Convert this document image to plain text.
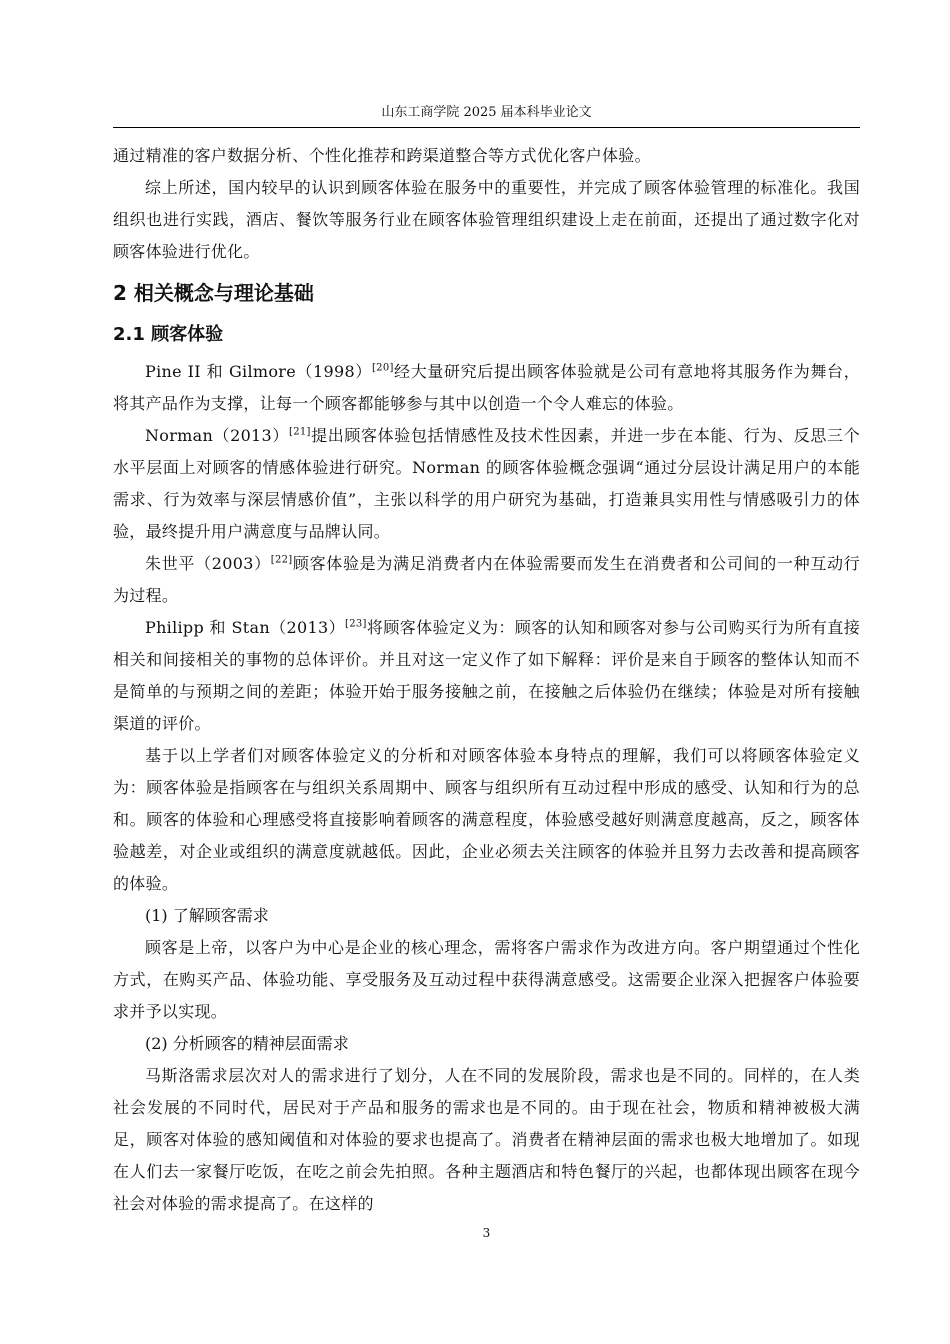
山东工商学院 2025 届本科毕业论文

通过精准的客户数据分析、个性化推荐和跨渠道整合等方式优化客户体验。

综上所述，国内较早的认识到顾客体验在服务中的重要性，并完成了顾客体验管理的标准化。我国组织也进行实践，酒店、餐饮等服务行业在顾客体验管理组织建设上走在前面，还提出了通过数字化对顾客体验进行优化。

2 相关概念与理论基础
2.1 顾客体验

Pine II 和 Gilmore（1998）[20]经大量研究后提出顾客体验就是公司有意地将其服务作为舞台，将其产品作为支撑，让每一个顾客都能够参与其中以创造一个令人难忘的体验。

Norman（2013）[21]提出顾客体验包括情感性及技术性因素，并进一步在本能、行为、反思三个水平层面上对顾客的情感体验进行研究。Norman 的顾客体验概念强调“通过分层设计满足用户的本能需求、行为效率与深层情感价值”，主张以科学的用户研究为基础，打造兼具实用性与情感吸引力的体验，最终提升用户满意度与品牌认同。

朱世平（2003）[22]顾客体验是为满足消费者内在体验需要而发生在消费者和公司间的一种互动行为过程。

Philipp 和 Stan（2013）[23]将顾客体验定义为：顾客的认知和顾客对参与公司购买行为所有直接相关和间接相关的事物的总体评价。并且对这一定义作了如下解释：评价是来自于顾客的整体认知而不是简单的与预期之间的差距；体验开始于服务接触之前，在接触之后体验仍在继续；体验是对所有接触渠道的评价。

基于以上学者们对顾客体验定义的分析和对顾客体验本身特点的理解，我们可以将顾客体验定义为：顾客体验是指顾客在与组织关系周期中、顾客与组织所有互动过程中形成的感受、认知和行为的总和。顾客的体验和心理感受将直接影响着顾客的满意程度，体验感受越好则满意度越高，反之，顾客体验越差，对企业或组织的满意度就越低。因此，企业必须去关注顾客的体验并且努力去改善和提高顾客的体验。

(1) 了解顾客需求

顾客是上帝，以客户为中心是企业的核心理念，需将客户需求作为改进方向。客户期望通过个性化方式，在购买产品、体验功能、享受服务及互动过程中获得满意感受。这需要企业深入把握客户体验要求并予以实现。

(2) 分析顾客的精神层面需求

马斯洛需求层次对人的需求进行了划分，人在不同的发展阶段，需求也是不同的。同样的，在人类社会发展的不同时代，居民对于产品和服务的需求也是不同的。由于现在社会，物质和精神被极大满足，顾客对体验的感知阈值和对体验的要求也提高了。消费者在精神层面的需求也极大地增加了。如现在人们去一家餐厅吃饭，在吃之前会先拍照。各种主题酒店和特色餐厅的兴起，也都体现出顾客在现今社会对体验的需求提高了。在这样的

3
